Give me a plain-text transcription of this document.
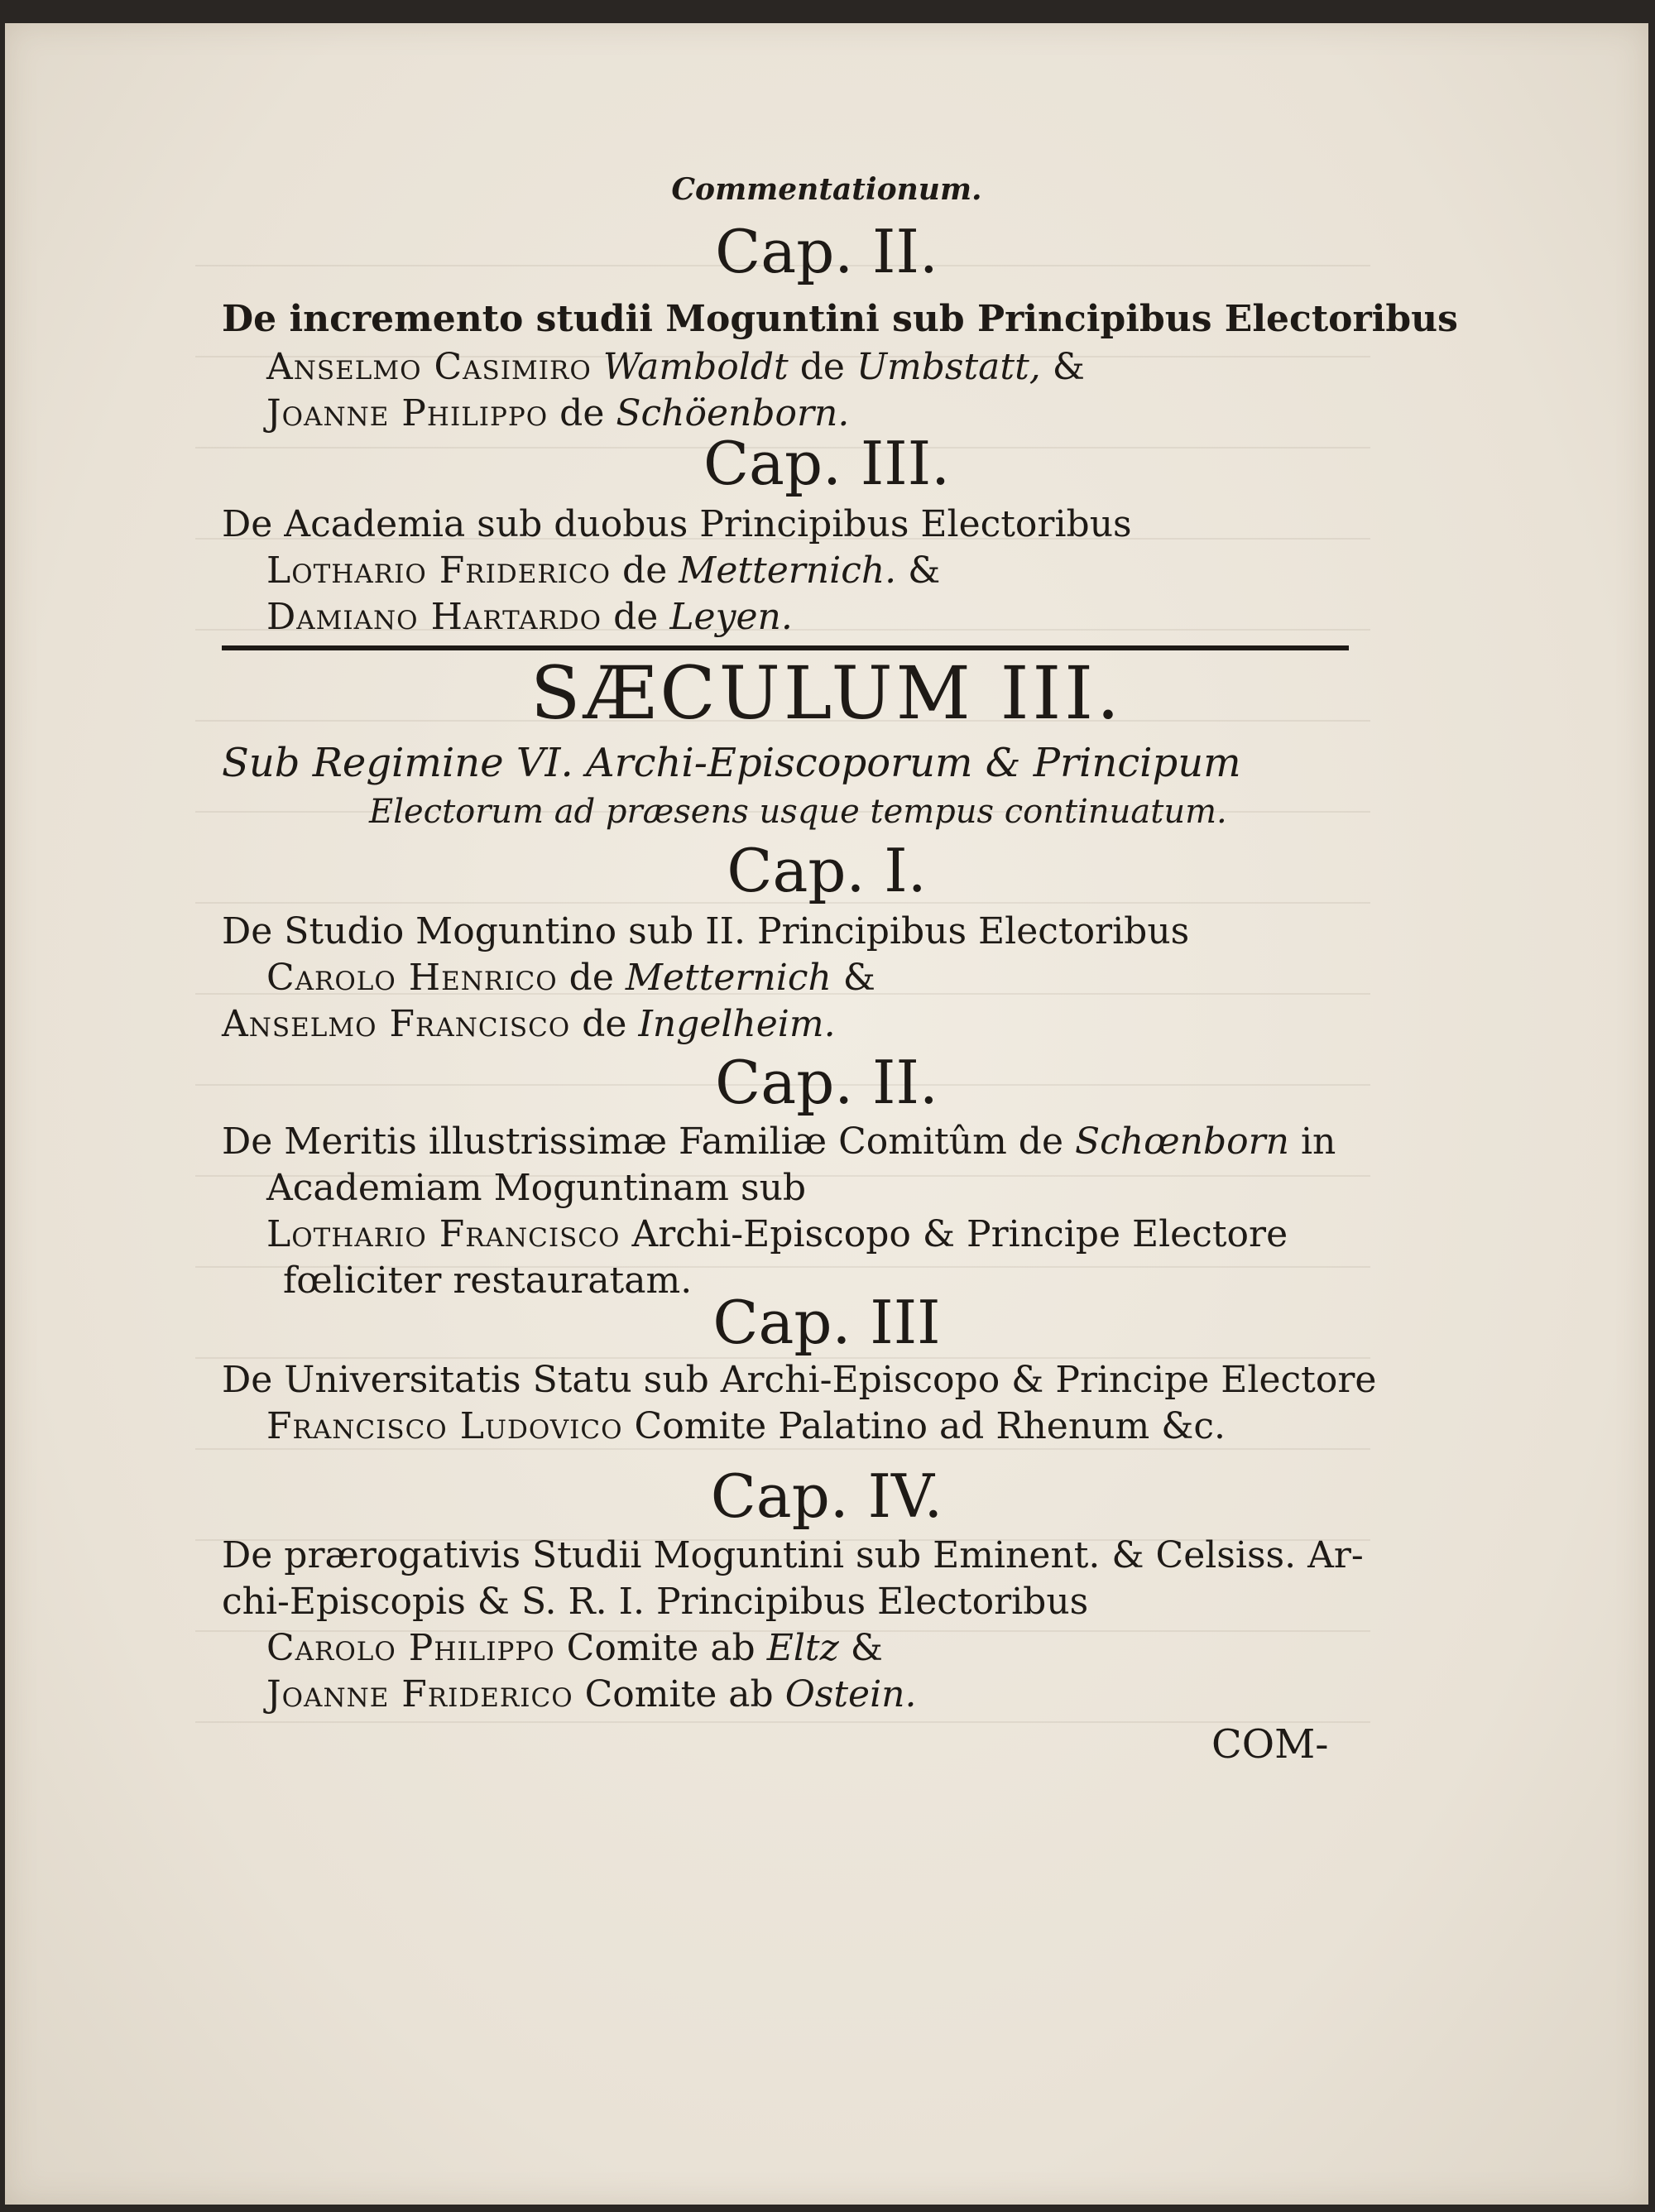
Commentationum.
Cap. II.
De incremento studii Moguntini sub Principibus Electoribus
Anselmo Casimiro Wamboldt de Umbstatt, &
Joanne Philippo de Schöenborn.
Cap. III.
De Academia sub duobus Principibus Electoribus
Lothario Friderico de Metternich. &
Damiano Hartardo de Leyen.
SÆCULUM III.
Sub Regimine VI. Archi-Episcoporum & Principum
Electorum ad præsens usque tempus continuatum.
Cap. I.
De Studio Moguntino sub II. Principibus Electoribus
Carolo Henrico de Metternich &
Anselmo Francisco de Ingelheim.
Cap. II.
De Meritis illustrissimæ Familiæ Comitûm de Schœnborn in
Academiam Moguntinam sub
Lothario Francisco Archi-Episcopo & Principe Electore
fœliciter restauratam.
Cap. III
De Universitatis Statu sub Archi-Episcopo & Principe Electore
Francisco Ludovico Comite Palatino ad Rhenum &c.
Cap. IV.
De prærogativis Studii Moguntini sub Eminent. & Celsiss. Ar-
chi-Episcopis & S. R. I. Principibus Electoribus
Carolo Philippo Comite ab Eltz &
Joanne Friderico Comite ab Ostein.
COM-
